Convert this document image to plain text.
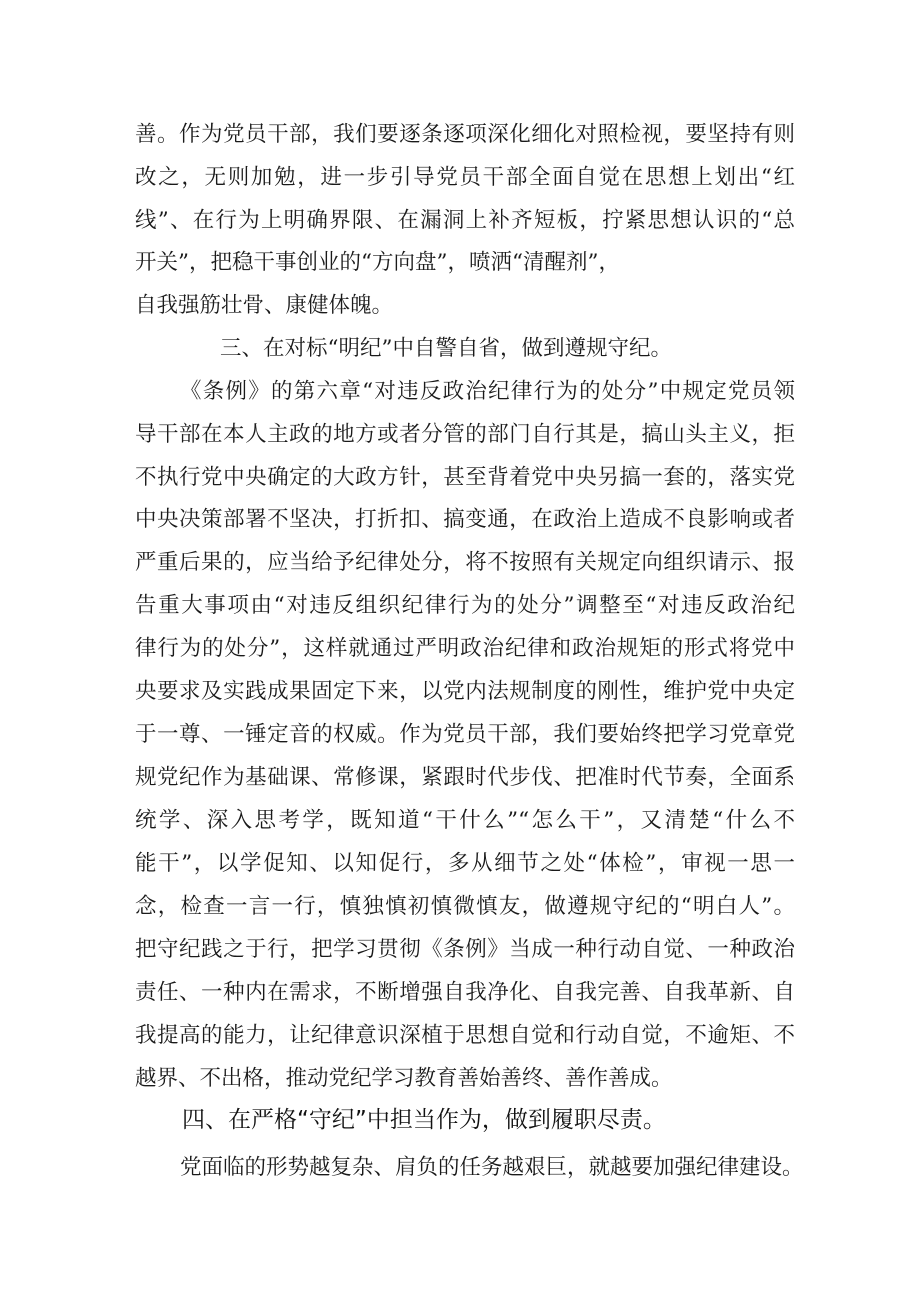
善。作为党员干部，我们要逐条逐项深化细化对照检视，要坚持有则
改之，无则加勉，进一步引导党员干部全面自觉在思想上划出“红
线”、在行为上明确界限、在漏洞上补齐短板，拧紧思想认识的“总
开关”，把稳干事创业的“方向盘”，喷洒“清醒剂”，
自我强筋壮骨、康健体魄。
三、在对标“明纪”中自警自省，做到遵规守纪。
《条例》的第六章“对违反政治纪律行为的处分”中规定党员领
导干部在本人主政的地方或者分管的部门自行其是，搞山头主义，拒
不执行党中央确定的大政方针，甚至背着党中央另搞一套的，落实党
中央决策部署不坚决，打折扣、搞变通，在政治上造成不良影响或者
严重后果的，应当给予纪律处分，将不按照有关规定向组织请示、报
告重大事项由“对违反组织纪律行为的处分”调整至“对违反政治纪
律行为的处分”，这样就通过严明政治纪律和政治规矩的形式将党中
央要求及实践成果固定下来，以党内法规制度的刚性，维护党中央定
于一尊、一锤定音的权威。作为党员干部，我们要始终把学习党章党
规党纪作为基础课、常修课，紧跟时代步伐、把准时代节奏，全面系
统学、深入思考学，既知道“干什么”“怎么干”，又清楚“什么不
能干”，以学促知、以知促行，多从细节之处“体检”，审视一思一
念，检查一言一行，慎独慎初慎微慎友，做遵规守纪的“明白人”。
把守纪践之于行，把学习贯彻《条例》当成一种行动自觉、一种政治
责任、一种内在需求，不断增强自我净化、自我完善、自我革新、自
我提高的能力，让纪律意识深植于思想自觉和行动自觉，不逾矩、不
越界、不出格，推动党纪学习教育善始善终、善作善成。
四、在严格“守纪”中担当作为，做到履职尽责。
党面临的形势越复杂、肩负的任务越艰巨，就越要加强纪律建设。
